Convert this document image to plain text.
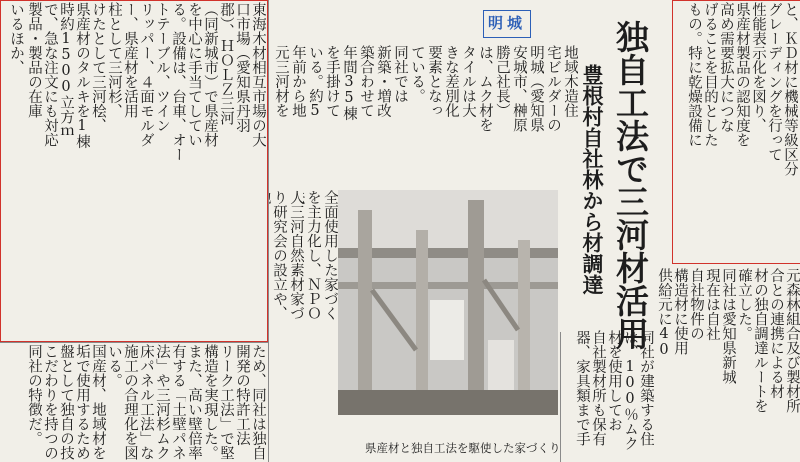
東海木材相互市場の大
口市場（愛知県丹羽
郡）、ＨＯＬＺ三河
（同新城市）で県産材
を中心に手当てしてい
る。設備は、台車、オー
トテーブル、ツイン
リッパー、４面モルダ
ー、県産材を活用
柱として三河杉、
けたとして三河桧、
県産材のタルキを1棟
時約1500立方ｍ
で、急な注文にも対応
製品・製品の在庫
いるほか、
地域木造住
宅ビルダーの
明城（愛知県
安城市、榊原
勝己社長）
は、ムク材を
明城
タイルは大
きな差別化
要素となっ
ている。
同社では
新築・増改
築合わせて
年間35棟
を手掛けて
いる。約5
年前から地
元三河材を
県産材と独自工法を駆使した家づくり
全面使用した家づく
を主力化し、ＮＰＯ
人三河自然素材家づ
り研究会の設立や、	独自工法で三河材活用
豊根村自社林から材調達	と、ＫＤ材に機械等級区分
グレーディングを行って
性能表示化を図り、
県産材製品の認知度を
高め需要拡大につな
げることを目的とした
もの。特に乾燥設備に
元森林組合及び製材所
合との連携による材
材の独自調達ルートを
確立した。
同社は愛知県新城
現在は自社
自社物件の
構造材に使用
供給元に40
同社が建築する住
は、100％ムク
材を使用してお
自社製材所も保有
器、家具類まで手
ため、同社は独自
開発の特許工法
リーク工法」で堅
構造を実現した。
また、高い壁倍率
有する「土壁パネ
法」や三河杉ムク
床パネル工法」な
施工の合理化を図
いる。
国産材、地域材を
垢で使用するため
盤として独自の技
こだわりを持つの
同社の特徴だ。
